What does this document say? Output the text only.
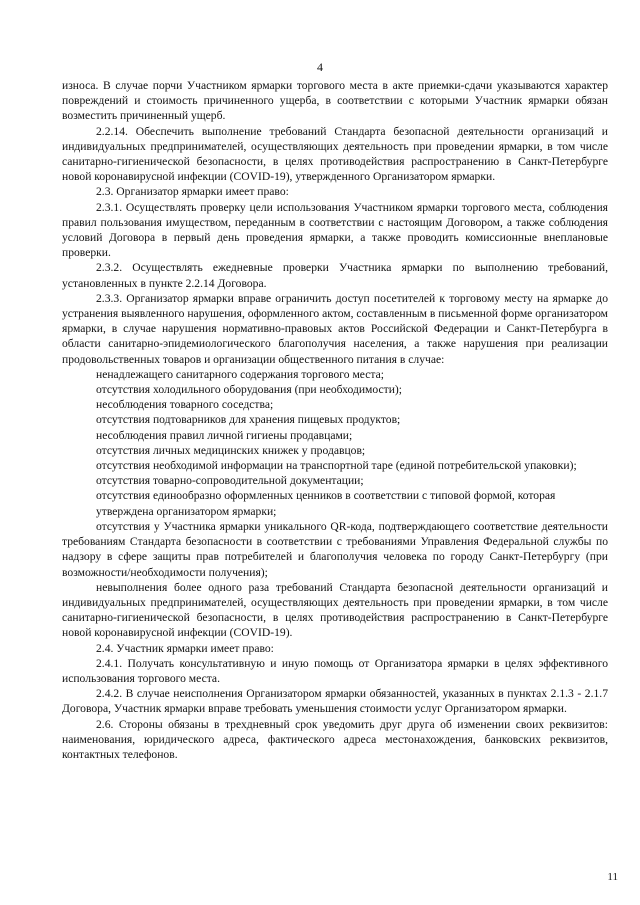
4

износа. В случае порчи Участником ярмарки торгового места в акте приемки-сдачи указываются характер повреждений и стоимость причиненного ущерба, в соответствии с которыми Участник ярмарки обязан возместить причиненный ущерб.

2.2.14. Обеспечить выполнение требований Стандарта безопасной деятельности организаций и индивидуальных предпринимателей, осуществляющих деятельность при проведении ярмарки, в том числе санитарно-гигиенической безопасности, в целях противодействия распространению в Санкт-Петербурге новой коронавирусной инфекции (COVID-19), утвержденного Организатором ярмарки.

2.3. Организатор ярмарки имеет право:

2.3.1. Осуществлять проверку цели использования Участником ярмарки торгового места, соблюдения правил пользования имуществом, переданным в соответствии с настоящим Договором, а также соблюдения условий Договора в первый день проведения ярмарки, а также проводить комиссионные внеплановые проверки.

2.3.2. Осуществлять ежедневные проверки Участника ярмарки по выполнению требований, установленных в пункте 2.2.14 Договора.

2.3.3. Организатор ярмарки вправе ограничить доступ посетителей к торговому месту на ярмарке до устранения выявленного нарушения, оформленного актом, составленным в письменной форме организатором ярмарки, в случае нарушения нормативно-правовых актов Российской Федерации и Санкт-Петербурга в области санитарно-эпидемиологического благополучия населения, а также нарушения при реализации продовольственных товаров и организации общественного питания в случае:

ненадлежащего санитарного содержания торгового места;

отсутствия холодильного оборудования (при необходимости);

несоблюдения товарного соседства;

отсутствия подтоварников для хранения пищевых продуктов;

несоблюдения правил личной гигиены продавцами;

отсутствия личных медицинских книжек у продавцов;

отсутствия необходимой информации на транспортной таре (единой потребительской упаковки);

отсутствия товарно-сопроводительной документации;

отсутствия единообразно оформленных ценников в соответствии с типовой формой, которая утверждена организатором ярмарки;

отсутствия у Участника ярмарки уникального QR-кода, подтверждающего соответствие деятельности требованиям Стандарта безопасности в соответствии с требованиями Управления Федеральной службы по надзору в сфере защиты прав потребителей и благополучия человека по городу Санкт-Петербургу (при возможности/необходимости получения);

невыполнения более одного раза требований Стандарта безопасной деятельности организаций и индивидуальных предпринимателей, осуществляющих деятельность при проведении ярмарки, в том числе санитарно-гигиенической безопасности, в целях противодействия распространению в Санкт-Петербурге новой коронавирусной инфекции (COVID-19).

2.4. Участник ярмарки имеет право:

2.4.1. Получать консультативную и иную помощь от Организатора ярмарки в целях эффективного использования торгового места.

2.4.2. В случае неисполнения Организатором ярмарки обязанностей, указанных в пунктах 2.1.3 - 2.1.7 Договора, Участник ярмарки вправе требовать уменьшения стоимости услуг Организатором ярмарки.

2.6. Стороны обязаны в трехдневный срок уведомить друг друга об изменении своих реквизитов: наименования, юридического адреса, фактического адреса местонахождения, банковских реквизитов, контактных телефонов.

11
